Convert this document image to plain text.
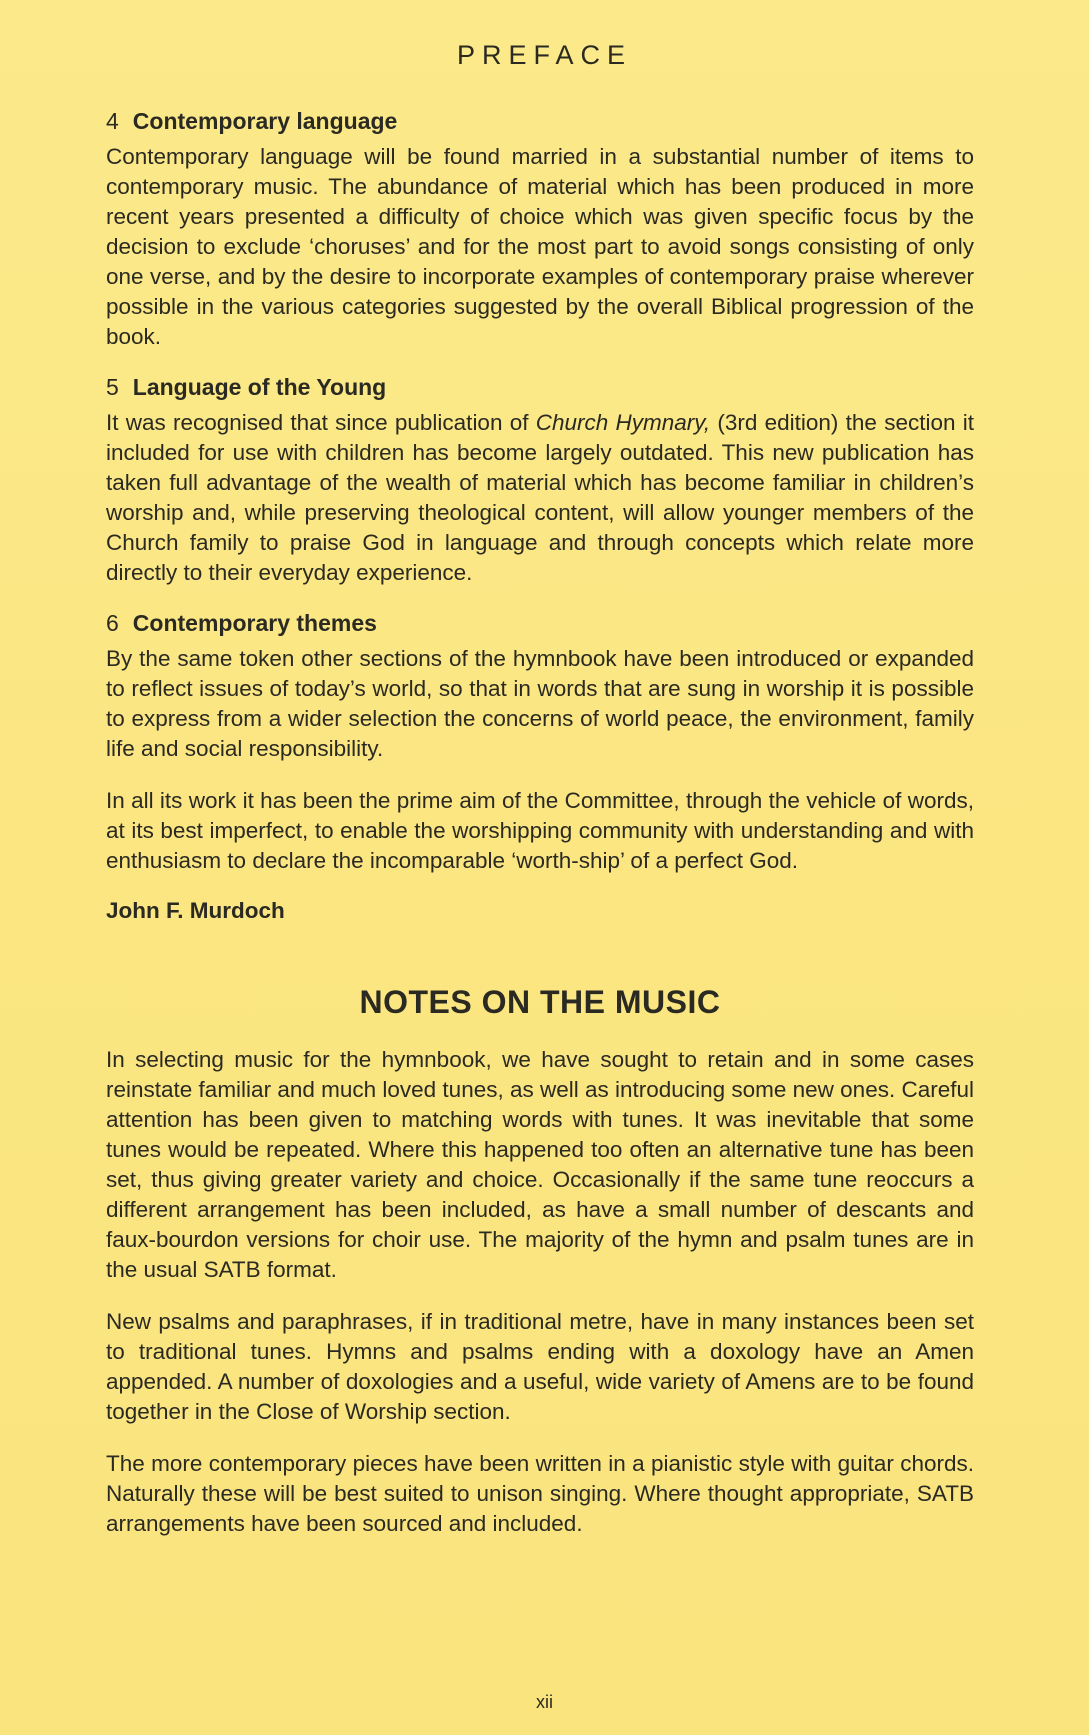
PREFACE
4 Contemporary language

Contemporary language will be found married in a substantial number of items to contemporary music. The abundance of material which has been produced in more recent years presented a difficulty of choice which was given specific focus by the decision to exclude ‘choruses’ and for the most part to avoid songs consisting of only one verse, and by the desire to incorporate examples of contemporary praise wherever possible in the various categories suggested by the overall Biblical progression of the book.

5 Language of the Young

It was recognised that since publication of Church Hymnary, (3rd edition) the section it included for use with children has become largely outdated. This new publication has taken full advantage of the wealth of material which has become familiar in children’s worship and, while preserving theological content, will allow younger members of the Church family to praise God in language and through concepts which relate more directly to their everyday experience.

6 Contemporary themes

By the same token other sections of the hymnbook have been introduced or expanded to reflect issues of today’s world, so that in words that are sung in worship it is possible to express from a wider selection the concerns of world peace, the environment, family life and social responsibility.

In all its work it has been the prime aim of the Committee, through the vehicle of words, at its best imperfect, to enable the worshipping community with understanding and with enthusiasm to declare the incomparable ‘worth-ship’ of a perfect God.

John F. Murdoch
NOTES ON THE MUSIC

In selecting music for the hymnbook, we have sought to retain and in some cases reinstate familiar and much loved tunes, as well as introducing some new ones. Careful attention has been given to matching words with tunes. It was inevitable that some tunes would be repeated. Where this happened too often an alternative tune has been set, thus giving greater variety and choice. Occasionally if the same tune reoccurs a different arrangement has been included, as have a small number of descants and faux-bourdon versions for choir use. The majority of the hymn and psalm tunes are in the usual SATB format.

New psalms and paraphrases, if in traditional metre, have in many instances been set to traditional tunes. Hymns and psalms ending with a doxology have an Amen appended. A number of doxologies and a useful, wide variety of Amens are to be found together in the Close of Worship section.

The more contemporary pieces have been written in a pianistic style with guitar chords. Naturally these will be best suited to unison singing. Where thought appropriate, SATB arrangements have been sourced and included.

xii
